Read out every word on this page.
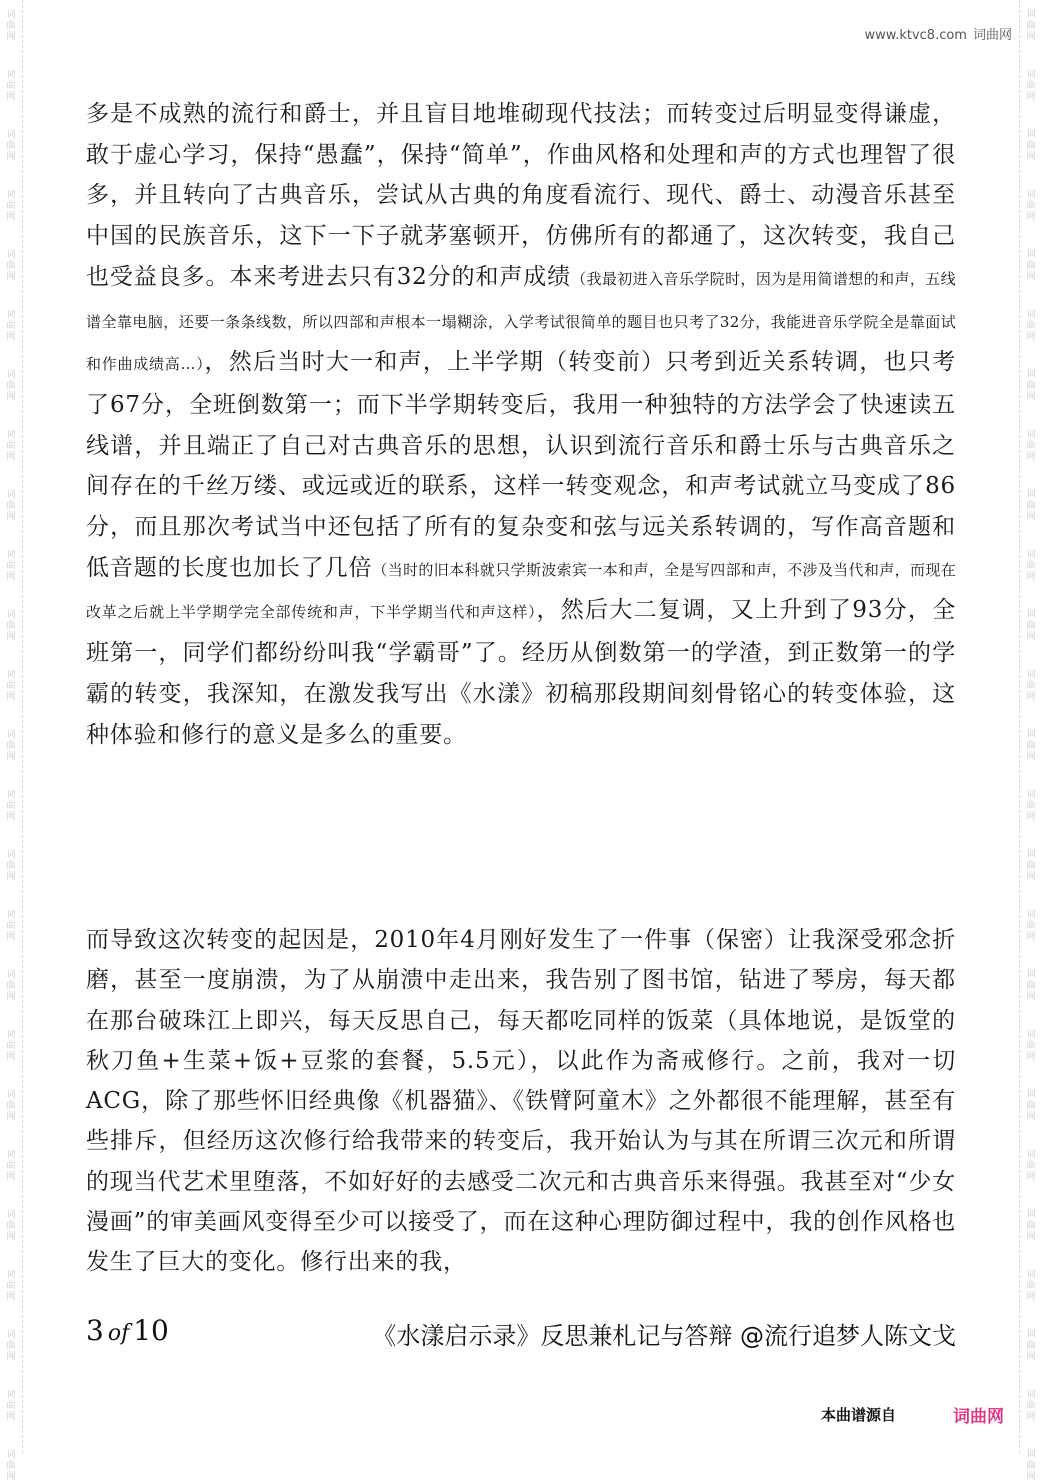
词曲网
词曲网
词曲网
词曲网
词曲网
词曲网
词曲网
词曲网
词曲网
词曲网
词曲网
词曲网
词曲网
词曲网
词曲网
词曲网
词曲网
词曲网
词曲网
词曲网
词曲网
词曲网
词曲网
词曲网
词曲网
词曲网
词曲网
词曲网
词曲网
词曲网
词曲网
词曲网
词曲网
词曲网
词曲网
词曲网
词曲网
词曲网
词曲网
词曲网
词曲网
词曲网
词曲网
词曲网
词曲网
词曲网
词曲网
词曲网
词曲网
词曲网
www.ktvc8.com 词曲网

多是不成熟的流行和爵士，并且盲目地堆砌现代技法；而转变过后明显变得谦虚，敢于虚心学习，保持“愚蠢”，保持“简单”，作曲风格和处理和声的方式也理智了很多，并且转向了古典音乐，尝试从古典的角度看流行、现代、爵士、动漫音乐甚至中国的民族音乐，这下一下子就茅塞顿开，仿佛所有的都通了，这次转变，我自己也受益良多。本来考进去只有32分的和声成绩（我最初进入音乐学院时，因为是用简谱想的和声，五线谱全靠电脑，还要一条条线数，所以四部和声根本一塌糊涂，入学考试很简单的题目也只考了32分，我能进音乐学院全是靠面试和作曲成绩高…），然后当时大一和声，上半学期（转变前）只考到近关系转调，也只考了67分，全班倒数第一；而下半学期转变后，我用一种独特的方法学会了快速读五线谱，并且端正了自己对古典音乐的思想，认识到流行音乐和爵士乐与古典音乐之间存在的千丝万缕、或远或近的联系，这样一转变观念，和声考试就立马变成了86分，而且那次考试当中还包括了所有的复杂变和弦与远关系转调的，写作高音题和低音题的长度也加长了几倍（当时的旧本科就只学斯波索宾一本和声，全是写四部和声，不涉及当代和声，而现在改革之后就上半学期学完全部传统和声，下半学期当代和声这样），然后大二复调，又上升到了93分，全班第一，同学们都纷纷叫我“学霸哥”了。经历从倒数第一的学渣，到正数第一的学霸的转变，我深知，在激发我写出《水漾》初稿那段期间刻骨铭心的转变体验，这种体验和修行的意义是多么的重要。

而导致这次转变的起因是，2010年4月刚好发生了一件事（保密）让我深受邪念折磨，甚至一度崩溃，为了从崩溃中走出来，我告别了图书馆，钻进了琴房，每天都在那台破珠江上即兴，每天反思自己，每天都吃同样的饭菜（具体地说，是饭堂的秋刀鱼+生菜+饭+豆浆的套餐，5.5元），以此作为斋戒修行。之前，我对一切ACG，除了那些怀旧经典像《机器猫》、《铁臂阿童木》之外都很不能理解，甚至有些排斥，但经历这次修行给我带来的转变后，我开始认为与其在所谓三次元和所谓的现当代艺术里堕落，不如好好的去感受二次元和古典音乐来得强。我甚至对“少女漫画”的审美画风变得至少可以接受了，而在这种心理防御过程中，我的创作风格也发生了巨大的变化。修行出来的我，

3 of 10	《水漾启示录》反思兼札记与答辩 @流行追梦人陈文戈
本曲谱源自	词曲网
